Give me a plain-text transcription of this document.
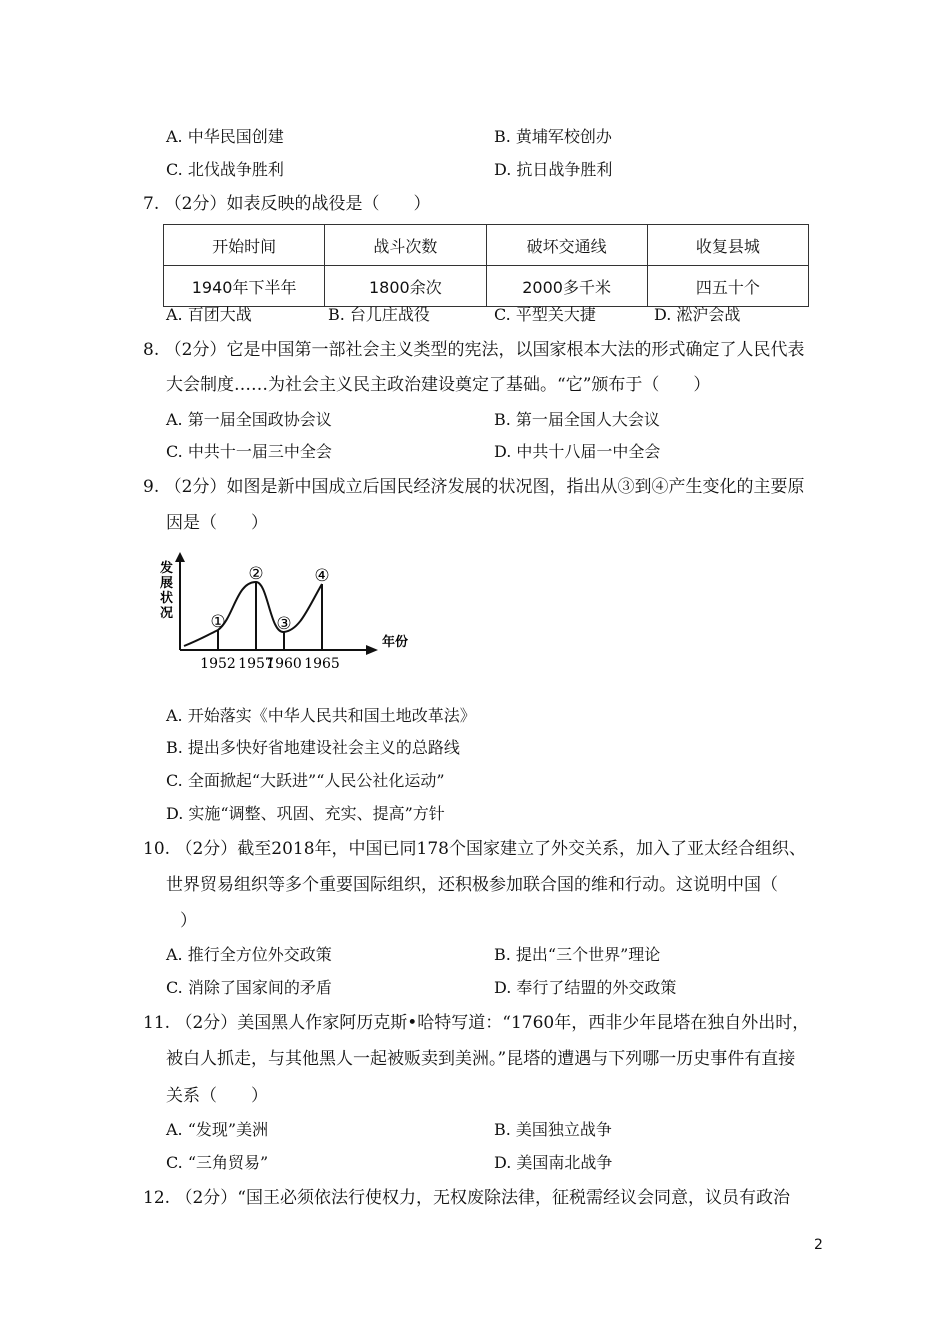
A. 中华民国创建	B. 黄埔军校创办
C. 北伐战争胜利	D. 抗日战争胜利
7. （2分）如表反映的战役是（　　）
开始时间	战斗次数	破坏交通线	收复县城
1940年下半年	1800余次	2000多千米	四五十个
A. 百团大战	B. 台儿庄战役	C. 平型关大捷	D. 淞沪会战
8. （2分）它是中国第一部社会主义类型的宪法，以国家根本大法的形式确定了人民代表
大会制度……为社会主义民主政治建设奠定了基础。“它”颁布于（　　）
A. 第一届全国政协会议	B. 第一届全国人大会议
C. 中共十一届三中全会	D. 中共十八届一中全会
9. （2分）如图是新中国成立后国民经济发展的状况图，指出从③到④产生变化的主要原
因是（　　）
发展状况
年份
①
1952
②
1957
③
1960
④
1965
A. 开始落实《中华人民共和国土地改革法》
B. 提出多快好省地建设社会主义的总路线
C. 全面掀起“大跃进”“人民公社化运动”
D. 实施“调整、巩固、充实、提高”方针
10. （2分）截至2018年，中国已同178个国家建立了外交关系，加入了亚太经合组织、
世界贸易组织等多个重要国际组织，还积极参加联合国的维和行动。这说明中国（
）
A. 推行全方位外交政策	B. 提出“三个世界”理论
C. 消除了国家间的矛盾	D. 奉行了结盟的外交政策
11. （2分）美国黑人作家阿历克斯•哈特写道：“1760年，西非少年昆塔在独自外出时，
被白人抓走，与其他黑人一起被贩卖到美洲。”昆塔的遭遇与下列哪一历史事件有直接
关系（　　）
A. “发现”美洲	B. 美国独立战争
C. “三角贸易”	D. 美国南北战争
12. （2分）“国王必须依法行使权力，无权废除法律，征税需经议会同意，议员有政治
2
